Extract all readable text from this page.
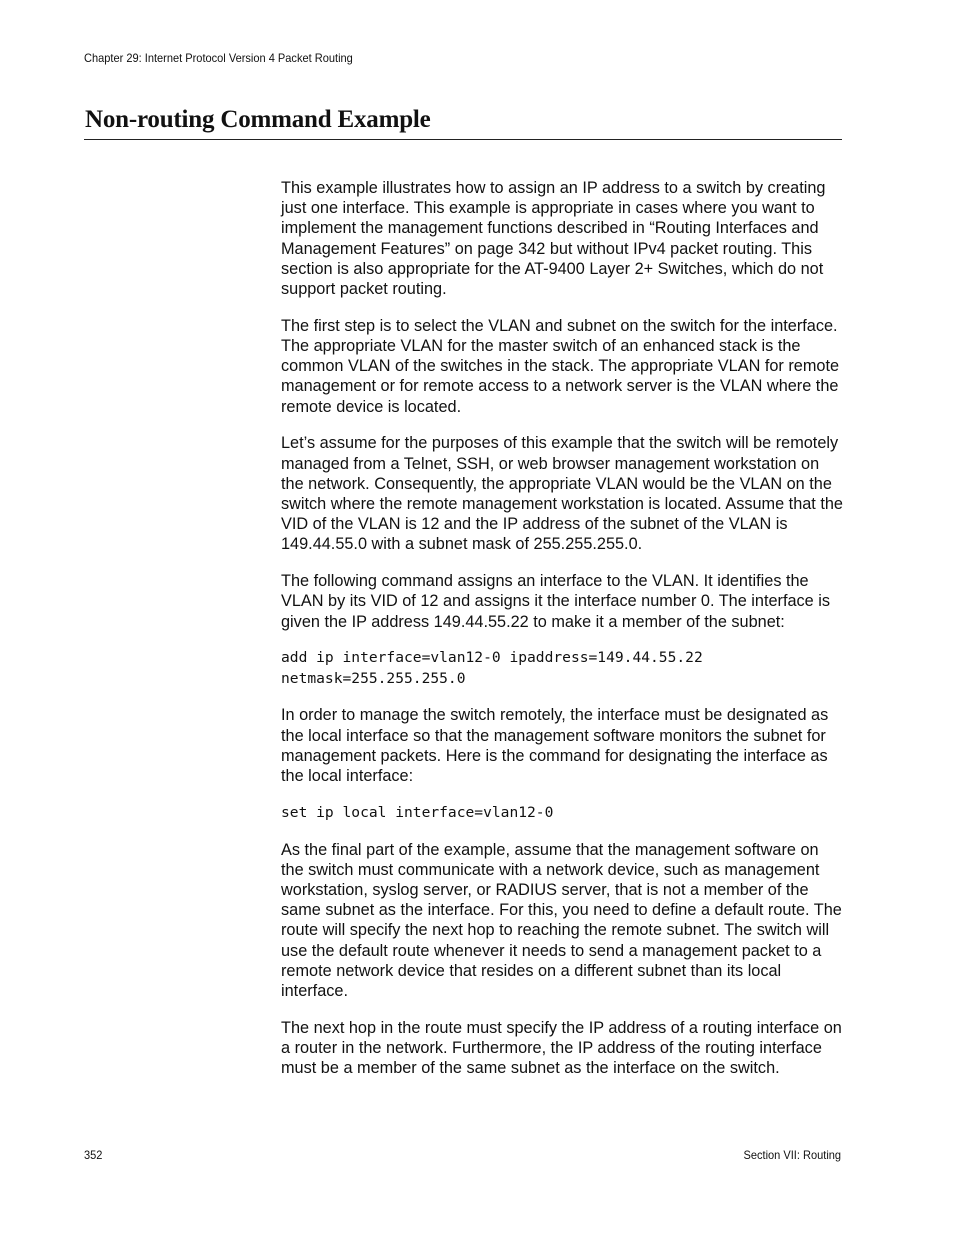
Chapter 29: Internet Protocol Version 4 Packet Routing
Non-routing Command Example

This example illustrates how to assign an IP address to a switch by creating just one interface. This example is appropriate in cases where you want to implement the management functions described in “Routing Interfaces and Management Features” on page 342 but without IPv4 packet routing. This section is also appropriate for the AT-9400 Layer 2+ Switches, which do not support packet routing.

The first step is to select the VLAN and subnet on the switch for the interface. The appropriate VLAN for the master switch of an enhanced stack is the common VLAN of the switches in the stack. The appropriate VLAN for remote management or for remote access to a network server is the VLAN where the remote device is located.

Let’s assume for the purposes of this example that the switch will be remotely managed from a Telnet, SSH, or web browser management workstation on the network. Consequently, the appropriate VLAN would be the VLAN on the switch where the remote management workstation is located. Assume that the VID of the VLAN is 12 and the IP address of the subnet of the VLAN is 149.44.55.0 with a subnet mask of 255.255.255.0.

The following command assigns an interface to the VLAN. It identifies the VLAN by its VID of 12 and assigns it the interface number 0. The interface is given the IP address 149.44.55.22 to make it a member of the subnet:

add ip interface=vlan12-0 ipaddress=149.44.55.22
netmask=255.255.255.0

In order to manage the switch remotely, the interface must be designated as the local interface so that the management software monitors the subnet for management packets. Here is the command for designating the interface as the local interface:

set ip local interface=vlan12-0

As the final part of the example, assume that the management software on the switch must communicate with a network device, such as management workstation, syslog server, or RADIUS server, that is not a member of the same subnet as the interface. For this, you need to define a default route. The route will specify the next hop to reaching the remote subnet. The switch will use the default route whenever it needs to send a management packet to a remote network device that resides on a different subnet than its local interface.

The next hop in the route must specify the IP address of a routing interface on a router in the network. Furthermore, the IP address of the routing interface must be a member of the same subnet as the interface on the switch.

352	Section VII: Routing
